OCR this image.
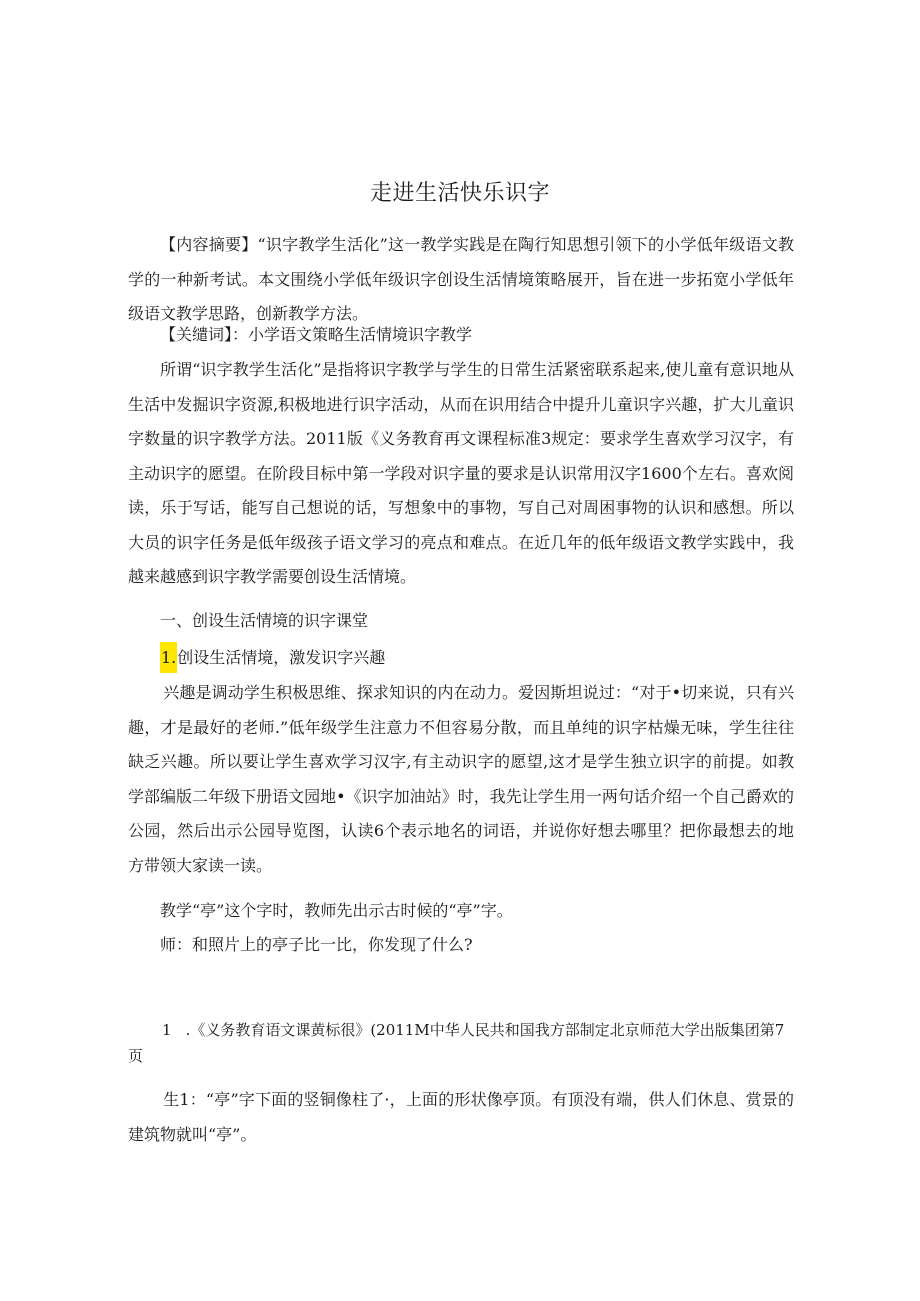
走进生活快乐识字

【内容摘要】“识字教学生活化”这一教学实践是在陶行知思想引领下的小学低年级语文教学的一种新考试。本文围绕小学低年级识字创设生活情境策略展开，旨在进一步拓宽小学低年级语文教学思路，创新教学方法。

【关缱词】：小学语文策略生活情境识字教学

所谓“识字教学生活化”是指将识字教学与学生的日常生活紧密联系起来,使儿童有意识地从生活中发掘识字资源,积极地进行识字活动，从而在识用结合中提升儿童识字兴趣，扩大儿童识字数量的识字教学方法。2011版《义务教育再文课程标准3规定：要求学生喜欢学习汉字，有主动识字的愿望。在阶段目标中第一学段对识字量的要求是认识常用汉字1600个左右。喜欢阅读，乐于写话，能写自己想说的话，写想象中的事物，写自己对周困事物的认识和感想。所以大员的识字任务是低年级孩子语文学习的亮点和难点。在近几年的低年级语文教学实践中，我越来越感到识字教学需要创设生活情境。

一、创设生活情境的识字课堂

1.创设生活情境，激发识字兴趣

兴趣是调动学生积极思维、探求知识的内在动力。爱因斯坦说过：“对于•切来说，只有兴趣，才是最好的老师.”低年级学生注意力不但容易分散，而且单纯的识字枯燥无味，学生往往缺乏兴趣。所以要让学生喜欢学习汉字,有主动识字的愿望,这才是学生独立识字的前提。如教学部编版二年级下册语文园地•《识字加油站》时，我先让学生用一两句话介绍一个自己爵欢的公园，然后出示公园导览图，认读6个表示地名的词语，并说你好想去哪里？把你最想去的地方带领大家读一读。

教学“亭”这个字时，教师先出示古时候的“亭”字。

师：和照片上的亭子比一比，你发现了什么?

1 .《义务教育语文课黄标很》(2011M中华人民共和国我方部制定北京师范大学出版集团第7页

生1：“亭”字下面的竖铜像柱了·，上面的形状像亭顶。有顶没有端，供人们休息、赏景的建筑物就叫“亭”。
